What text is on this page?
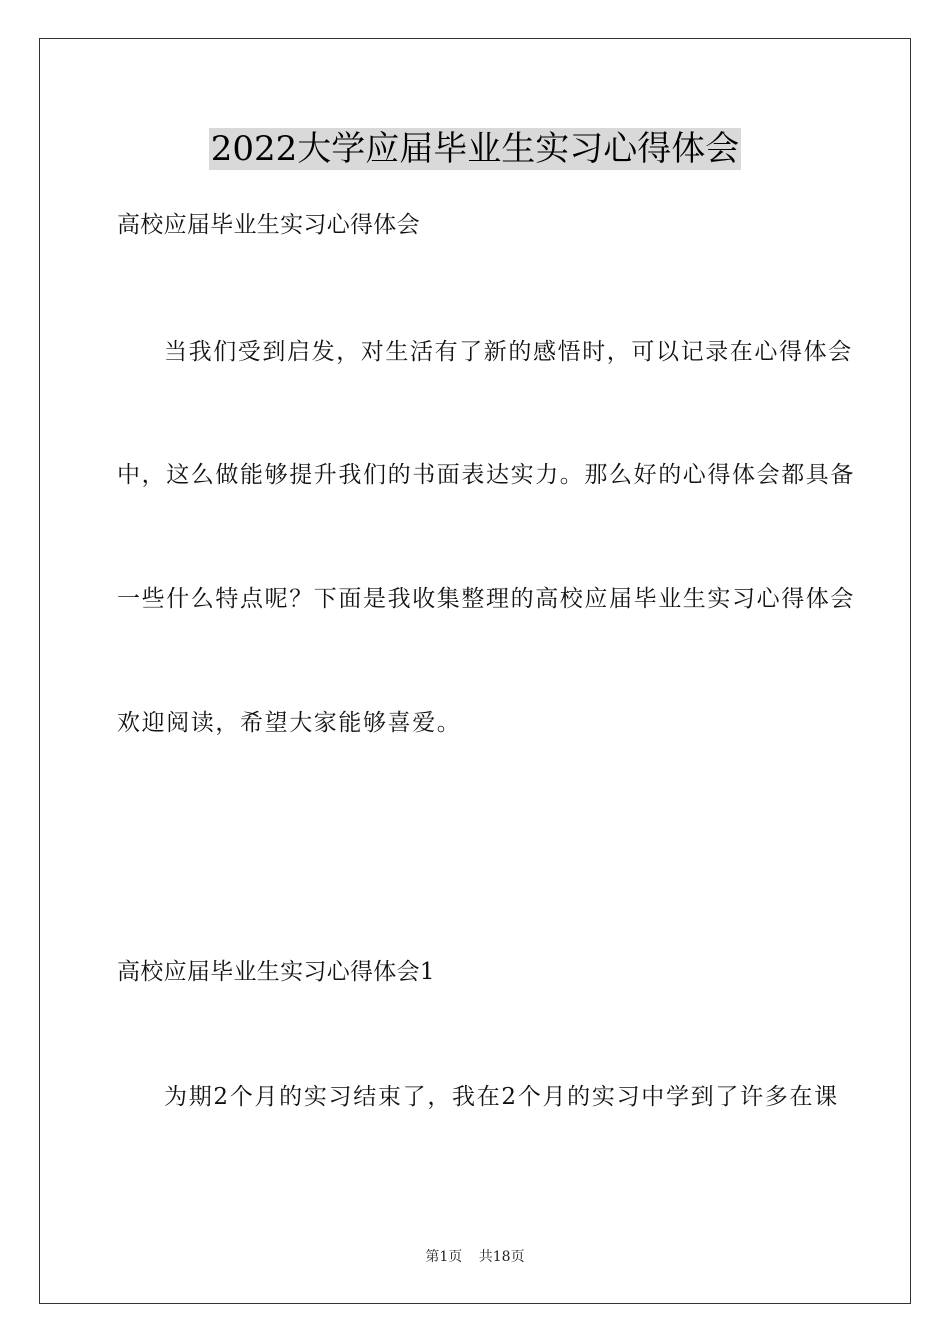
2022大学应届毕业生实习心得体会
高校应届毕业生实习心得体会
当我们受到启发，对生活有了新的感悟时，可以记录在心得体会
中，这么做能够提升我们的书面表达实力。那么好的心得体会都具备
一些什么特点呢？下面是我收集整理的高校应届毕业生实习心得体会
欢迎阅读，希望大家能够喜爱。
高校应届毕业生实习心得体会1
为期2个月的实习结束了，我在2个月的实习中学到了许多在课
第1页 共18页
